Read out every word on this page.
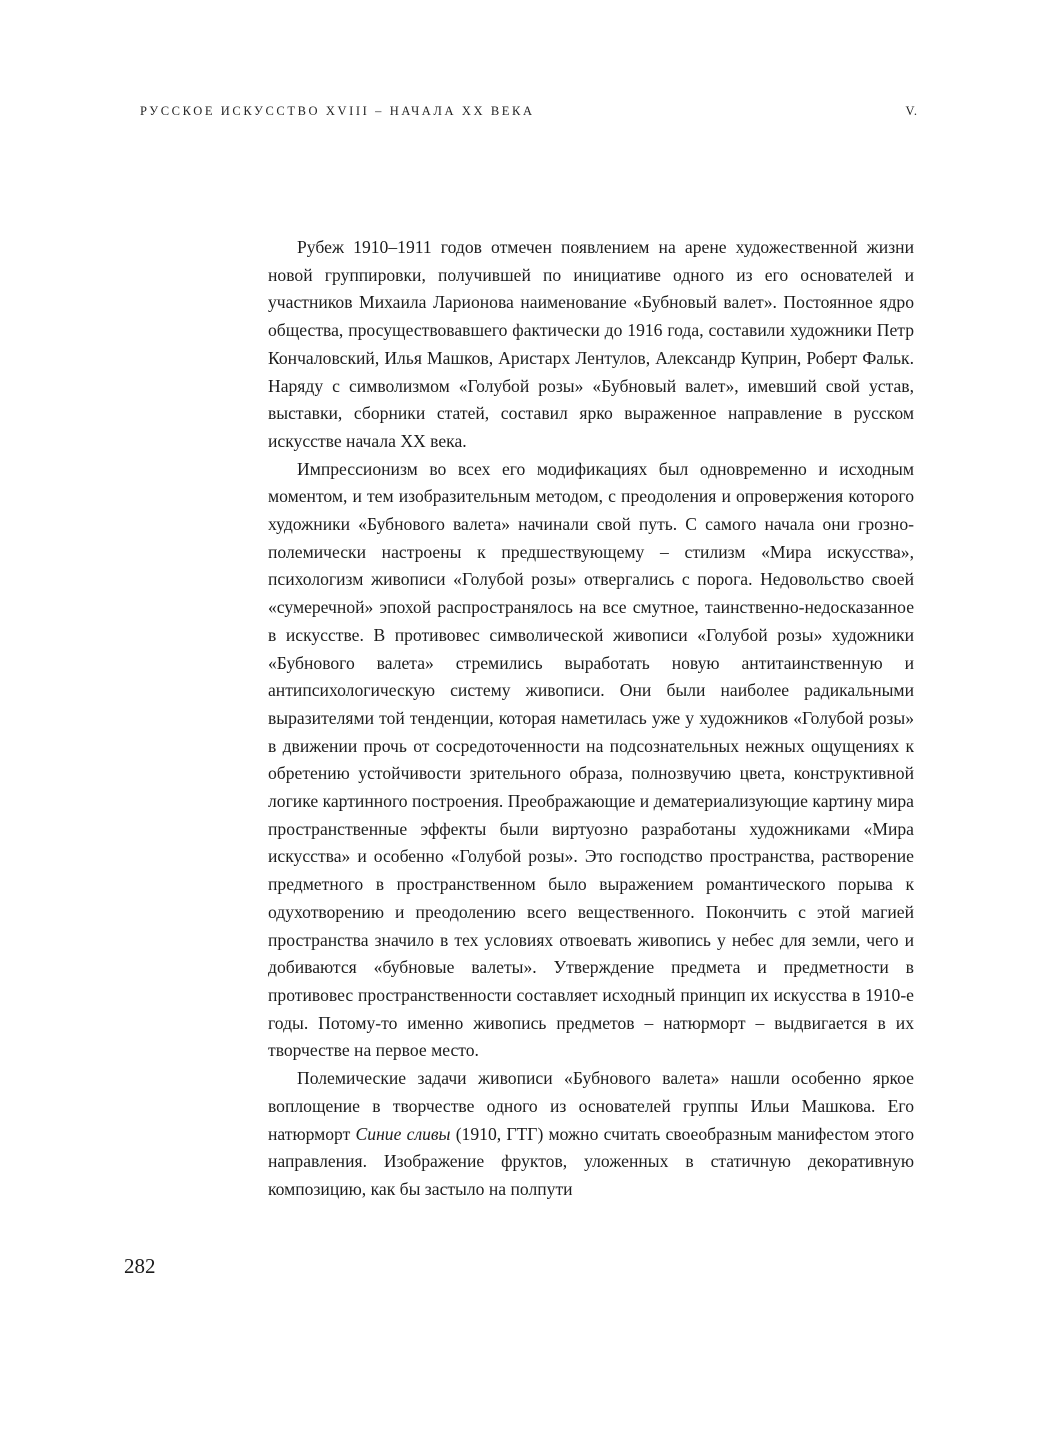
РУССКОЕ ИСКУССТВО XVIII – НАЧАЛА XX ВЕКА	V.

Рубеж 1910–1911 годов отмечен появлением на арене художественной жизни новой группировки, получившей по инициативе одного из его основателей и участников Михаила Ларионова наименование «Бубновый валет». Постоянное ядро общества, просуществовавшего фактически до 1916 года, составили художники Петр Кончаловский, Илья Машков, Аристарх Лентулов, Александр Куприн, Роберт Фальк. Наряду с символизмом «Голубой розы» «Бубновый валет», имевший свой устав, выставки, сборники статей, составил ярко выраженное направление в русском искусстве начала XX века.

Импрессионизм во всех его модификациях был одновременно и исходным моментом, и тем изобразительным методом, с преодоления и опровержения которого художники «Бубнового валета» начинали свой путь. С самого начала они грозно-полемически настроены к предшествующему – стилизм «Мира искусства», психологизм живописи «Голубой розы» отвергались с порога. Недовольство своей «сумеречной» эпохой распространялось на все смутное, таинственно-недосказанное в искусстве. В противовес символической живописи «Голубой розы» художники «Бубнового валета» стремились выработать новую антитаинственную и антипсихологическую систему живописи. Они были наиболее радикальными выразителями той тенденции, которая наметилась уже у художников «Голубой розы» в движении прочь от сосредоточенности на подсознательных нежных ощущениях к обретению устойчивости зрительного образа, полнозвучию цвета, конструктивной логике картинного построения. Преображающие и дематериализующие картину мира пространственные эффекты были виртуозно разработаны художниками «Мира искусства» и особенно «Голубой розы». Это господство пространства, растворение предметного в пространственном было выражением романтического порыва к одухотворению и преодолению всего вещественного. Покончить с этой магией пространства значило в тех условиях отвоевать живопись у небес для земли, чего и добиваются «бубновые валеты». Утверждение предмета и предметности в противовес пространственности составляет исходный принцип их искусства в 1910-е годы. Потому-то именно живопись предметов – натюрморт – выдвигается в их творчестве на первое место.

Полемические задачи живописи «Бубнового валета» нашли особенно яркое воплощение в творчестве одного из основателей группы Ильи Машкова. Его натюрморт Синие сливы (1910, ГТГ) можно считать своеобразным манифестом этого направления. Изображение фруктов, уложенных в статичную декоративную композицию, как бы застыло на полпути

282
